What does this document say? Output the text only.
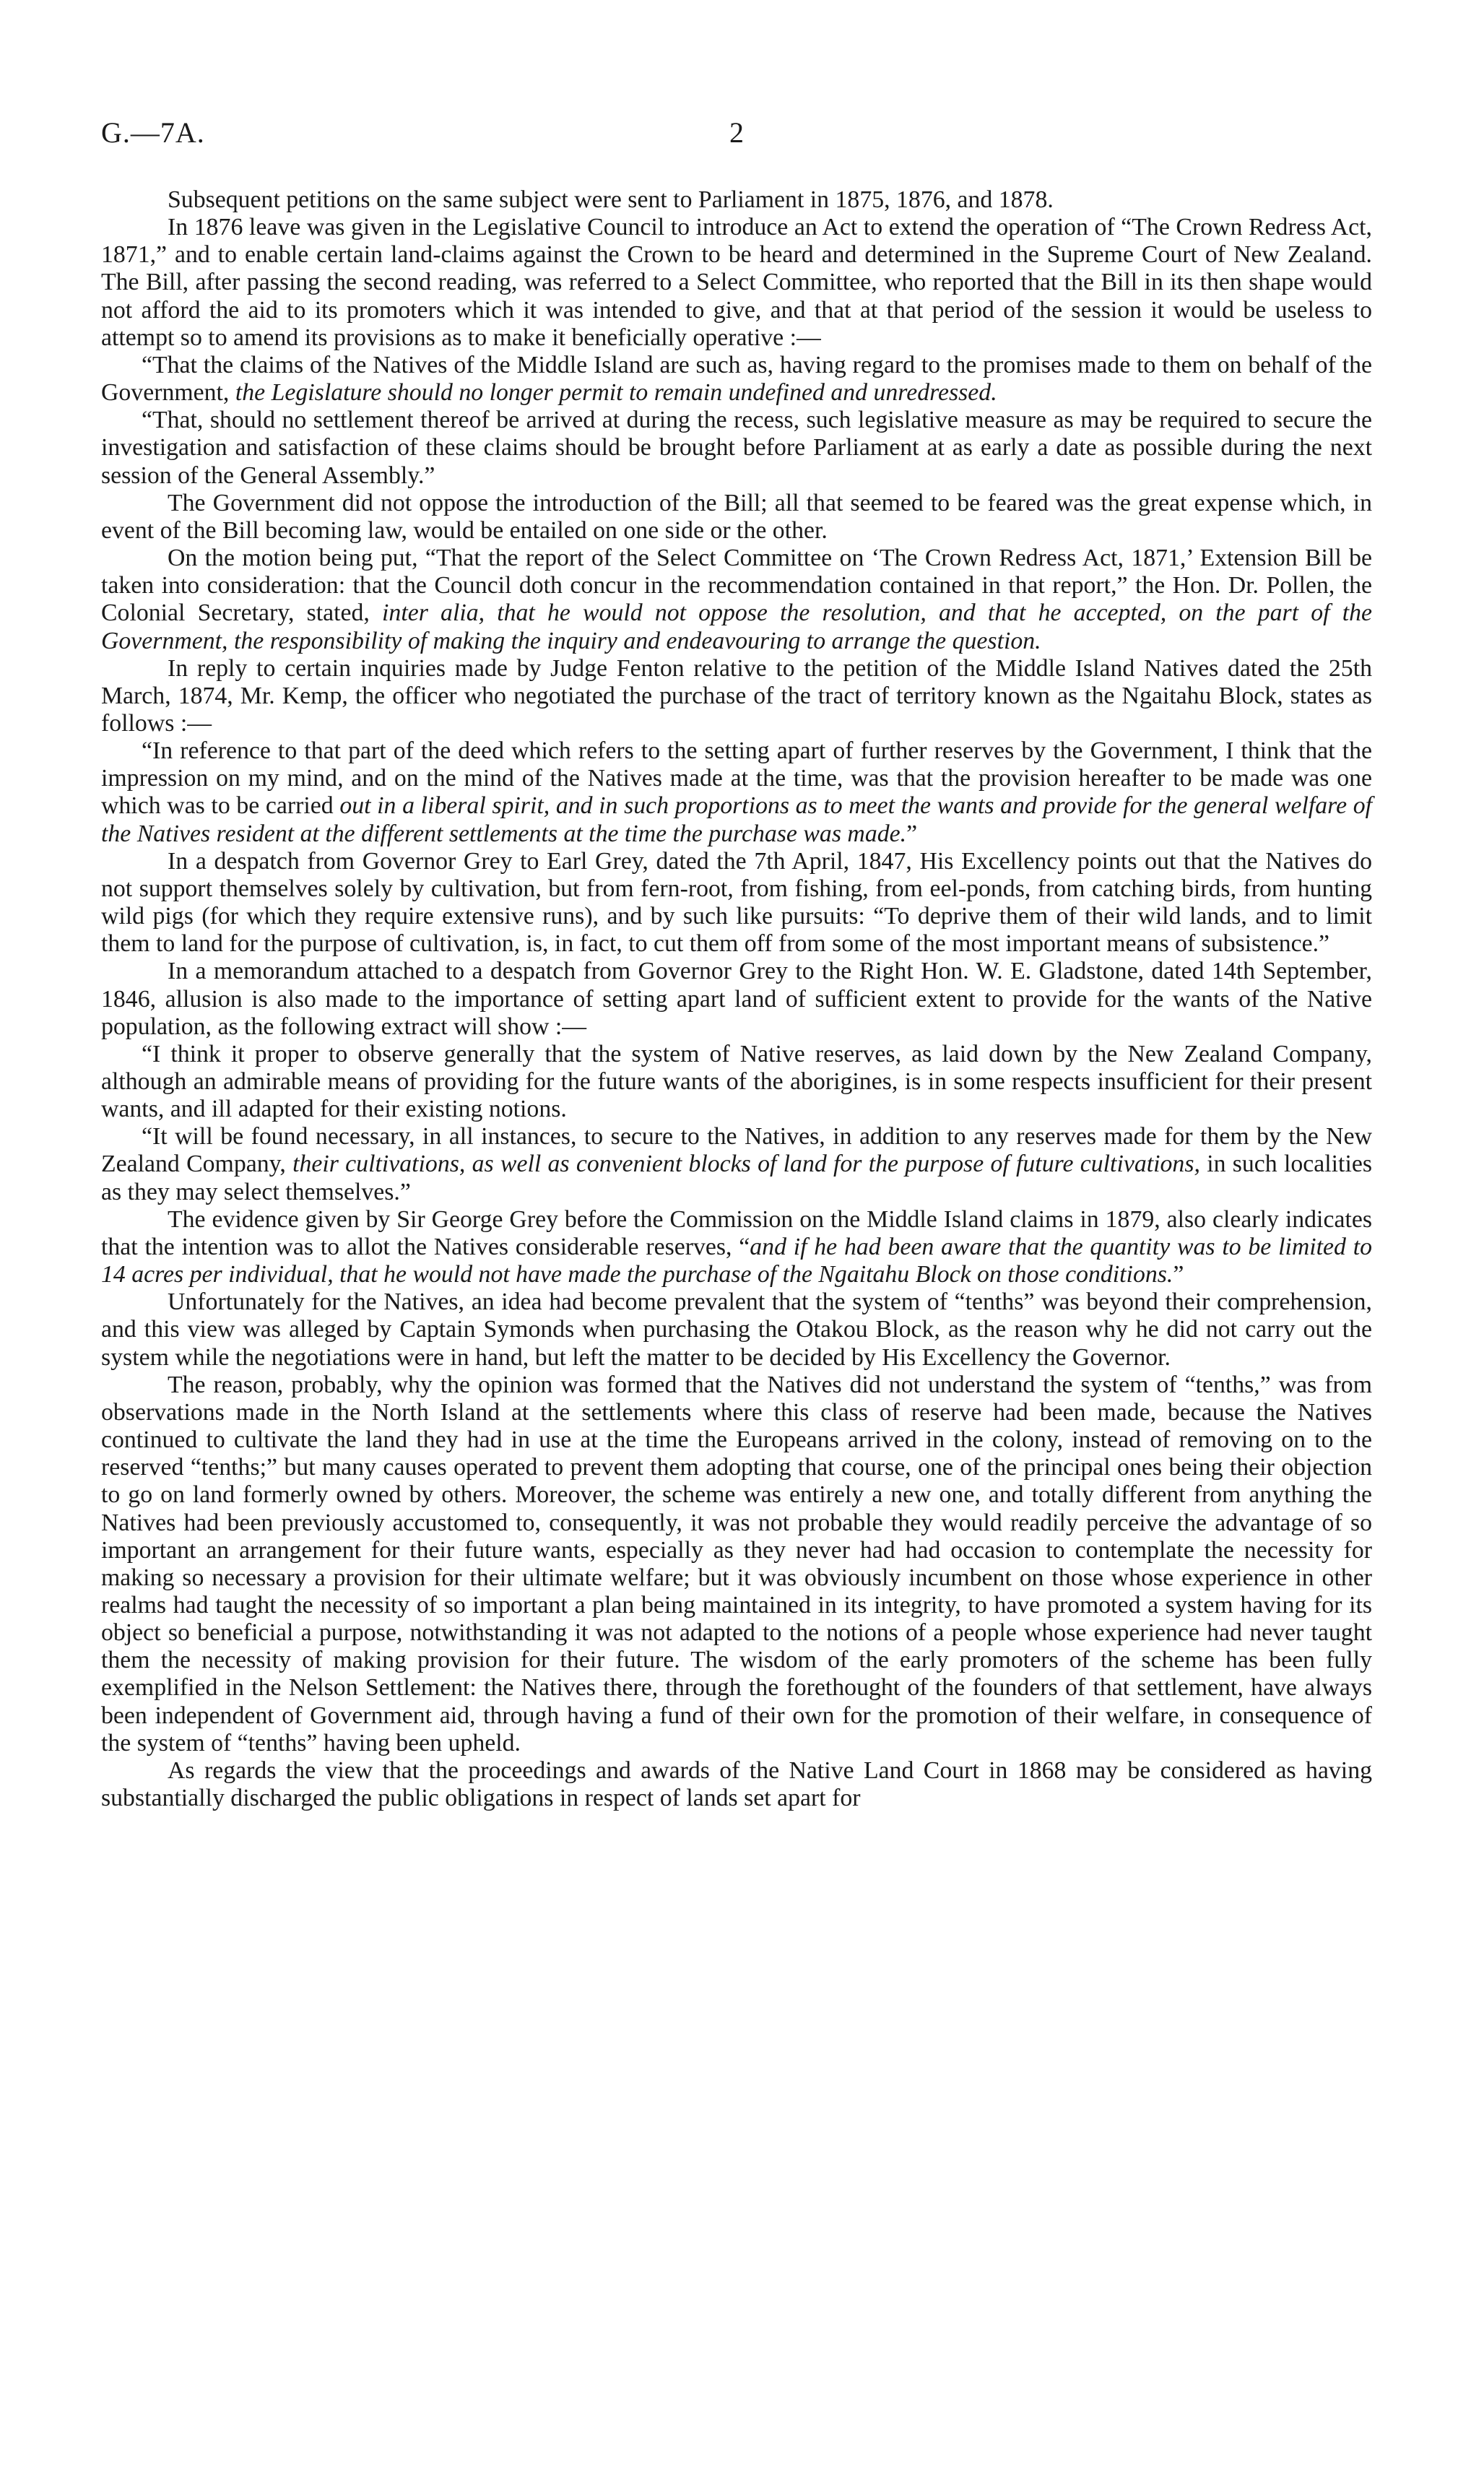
G.—7A.	2

Subsequent petitions on the same subject were sent to Parliament in 1875, 1876, and 1878.

In 1876 leave was given in the Legislative Council to introduce an Act to extend the operation of “The Crown Redress Act, 1871,” and to enable certain land-claims against the Crown to be heard and determined in the Supreme Court of New Zealand. The Bill, after passing the second reading, was referred to a Select Committee, who reported that the Bill in its then shape would not afford the aid to its promoters which it was intended to give, and that at that period of the session it would be useless to attempt so to amend its provisions as to make it beneficially operative :—

“That the claims of the Natives of the Middle Island are such as, having regard to the promises made to them on behalf of the Government, the Legislature should no longer permit to remain undefined and unredressed.

“That, should no settlement thereof be arrived at during the recess, such legislative measure as may be required to secure the investigation and satisfaction of these claims should be brought before Parliament at as early a date as possible during the next session of the General Assembly.”

The Government did not oppose the introduction of the Bill; all that seemed to be feared was the great expense which, in event of the Bill becoming law, would be entailed on one side or the other.

On the motion being put, “That the report of the Select Committee on ‘The Crown Redress Act, 1871,’ Extension Bill be taken into consideration: that the Council doth concur in the recommendation contained in that report,” the Hon. Dr. Pollen, the Colonial Secretary, stated, inter alia, that he would not oppose the resolution, and that he accepted, on the part of the Government, the responsibility of making the inquiry and endeavouring to arrange the question.

In reply to certain inquiries made by Judge Fenton relative to the petition of the Middle Island Natives dated the 25th March, 1874, Mr. Kemp, the officer who negotiated the purchase of the tract of territory known as the Ngaitahu Block, states as follows :—

“In reference to that part of the deed which refers to the setting apart of further reserves by the Government, I think that the impression on my mind, and on the mind of the Natives made at the time, was that the provision hereafter to be made was one which was to be carried out in a liberal spirit, and in such proportions as to meet the wants and provide for the general welfare of the Natives resident at the different settlements at the time the purchase was made.”

In a despatch from Governor Grey to Earl Grey, dated the 7th April, 1847, His Excellency points out that the Natives do not support themselves solely by cultivation, but from fern-root, from fishing, from eel-ponds, from catching birds, from hunting wild pigs (for which they require extensive runs), and by such like pursuits: “To deprive them of their wild lands, and to limit them to land for the purpose of cultivation, is, in fact, to cut them off from some of the most important means of subsistence.”

In a memorandum attached to a despatch from Governor Grey to the Right Hon. W. E. Gladstone, dated 14th September, 1846, allusion is also made to the importance of setting apart land of sufficient extent to provide for the wants of the Native population, as the following extract will show :—

“I think it proper to observe generally that the system of Native reserves, as laid down by the New Zealand Company, although an admirable means of providing for the future wants of the aborigines, is in some respects insufficient for their present wants, and ill adapted for their existing notions.

“It will be found necessary, in all instances, to secure to the Natives, in addition to any reserves made for them by the New Zealand Company, their cultivations, as well as convenient blocks of land for the purpose of future cultivations, in such localities as they may select themselves.”

The evidence given by Sir George Grey before the Commission on the Middle Island claims in 1879, also clearly indicates that the intention was to allot the Natives considerable reserves, “and if he had been aware that the quantity was to be limited to 14 acres per individual, that he would not have made the purchase of the Ngaitahu Block on those conditions.”

Unfortunately for the Natives, an idea had become prevalent that the system of “tenths” was beyond their comprehension, and this view was alleged by Captain Symonds when purchasing the Otakou Block, as the reason why he did not carry out the system while the negotiations were in hand, but left the matter to be decided by His Excellency the Governor.

The reason, probably, why the opinion was formed that the Natives did not understand the system of “tenths,” was from observations made in the North Island at the settlements where this class of reserve had been made, because the Natives continued to cultivate the land they had in use at the time the Europeans arrived in the colony, instead of removing on to the reserved “tenths;” but many causes operated to prevent them adopting that course, one of the principal ones being their objection to go on land formerly owned by others. Moreover, the scheme was entirely a new one, and totally different from anything the Natives had been previously accustomed to, consequently, it was not probable they would readily perceive the advantage of so important an arrangement for their future wants, especially as they never had had occasion to contemplate the necessity for making so necessary a provision for their ultimate welfare; but it was obviously incumbent on those whose experience in other realms had taught the necessity of so important a plan being maintained in its integrity, to have promoted a system having for its object so beneficial a purpose, notwithstanding it was not adapted to the notions of a people whose experience had never taught them the necessity of making provision for their future. The wisdom of the early promoters of the scheme has been fully exemplified in the Nelson Settlement: the Natives there, through the forethought of the founders of that settlement, have always been independent of Government aid, through having a fund of their own for the promotion of their welfare, in consequence of the system of “tenths” having been upheld.

As regards the view that the proceedings and awards of the Native Land Court in 1868 may be considered as having substantially discharged the public obligations in respect of lands set apart for
